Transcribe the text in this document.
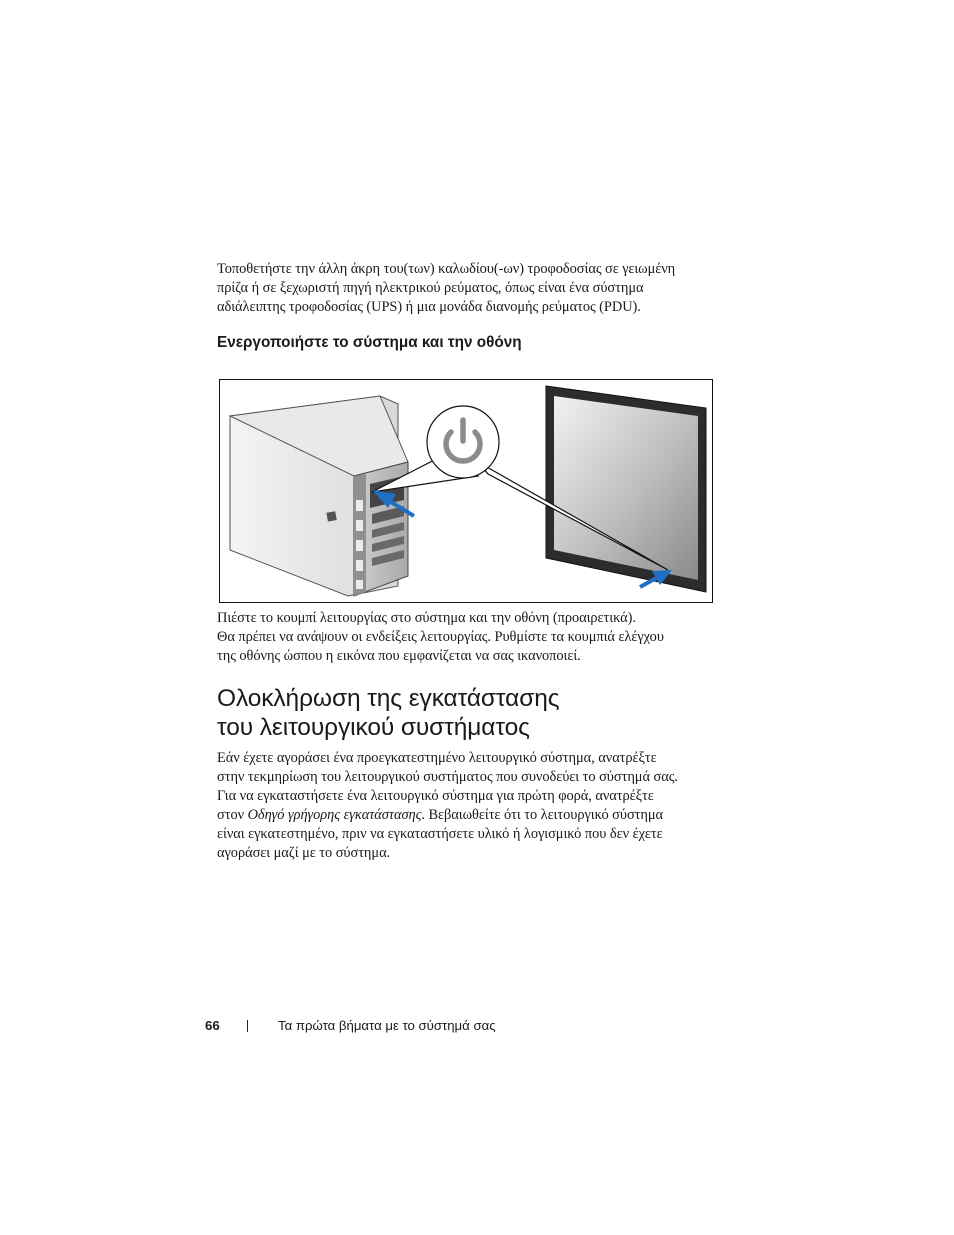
Τοποθετήστε την άλλη άκρη του(των) καλωδίου(-ων) τροφοδοσίας σε γειωμένη
πρίζα ή σε ξεχωριστή πηγή ηλεκτρικού ρεύματος, όπως είναι ένα σύστημα
αδιάλειπτης τροφοδοσίας (UPS) ή μια μονάδα διανομής ρεύματος (PDU).
Ενεργοποιήστε το σύστημα και την οθόνη
Πιέστε το κουμπί λειτουργίας στο σύστημα και την οθόνη (προαιρετικά).
Θα πρέπει να ανάψουν οι ενδείξεις λειτουργίας. Ρυθμίστε τα κουμπιά ελέγχου
της οθόνης ώσπου η εικόνα που εμφανίζεται να σας ικανοποιεί.
Ολοκλήρωση της εγκατάστασης
του λειτουργικού συστήματος
Εάν έχετε αγοράσει ένα προεγκατεστημένο λειτουργικό σύστημα, ανατρέξτε
στην τεκμηρίωση του λειτουργικού συστήματος που συνοδεύει το σύστημά σας.
Για να εγκαταστήσετε ένα λειτουργικό σύστημα για πρώτη φορά, ανατρέξτε
στον Οδηγό γρήγορης εγκατάστασης. Βεβαιωθείτε ότι το λειτουργικό σύστημα
είναι εγκατεστημένο, πριν να εγκαταστήσετε υλικό ή λογισμικό που δεν έχετε
αγοράσει μαζί με το σύστημα.
66	Τα πρώτα βήματα με το σύστημά σας
